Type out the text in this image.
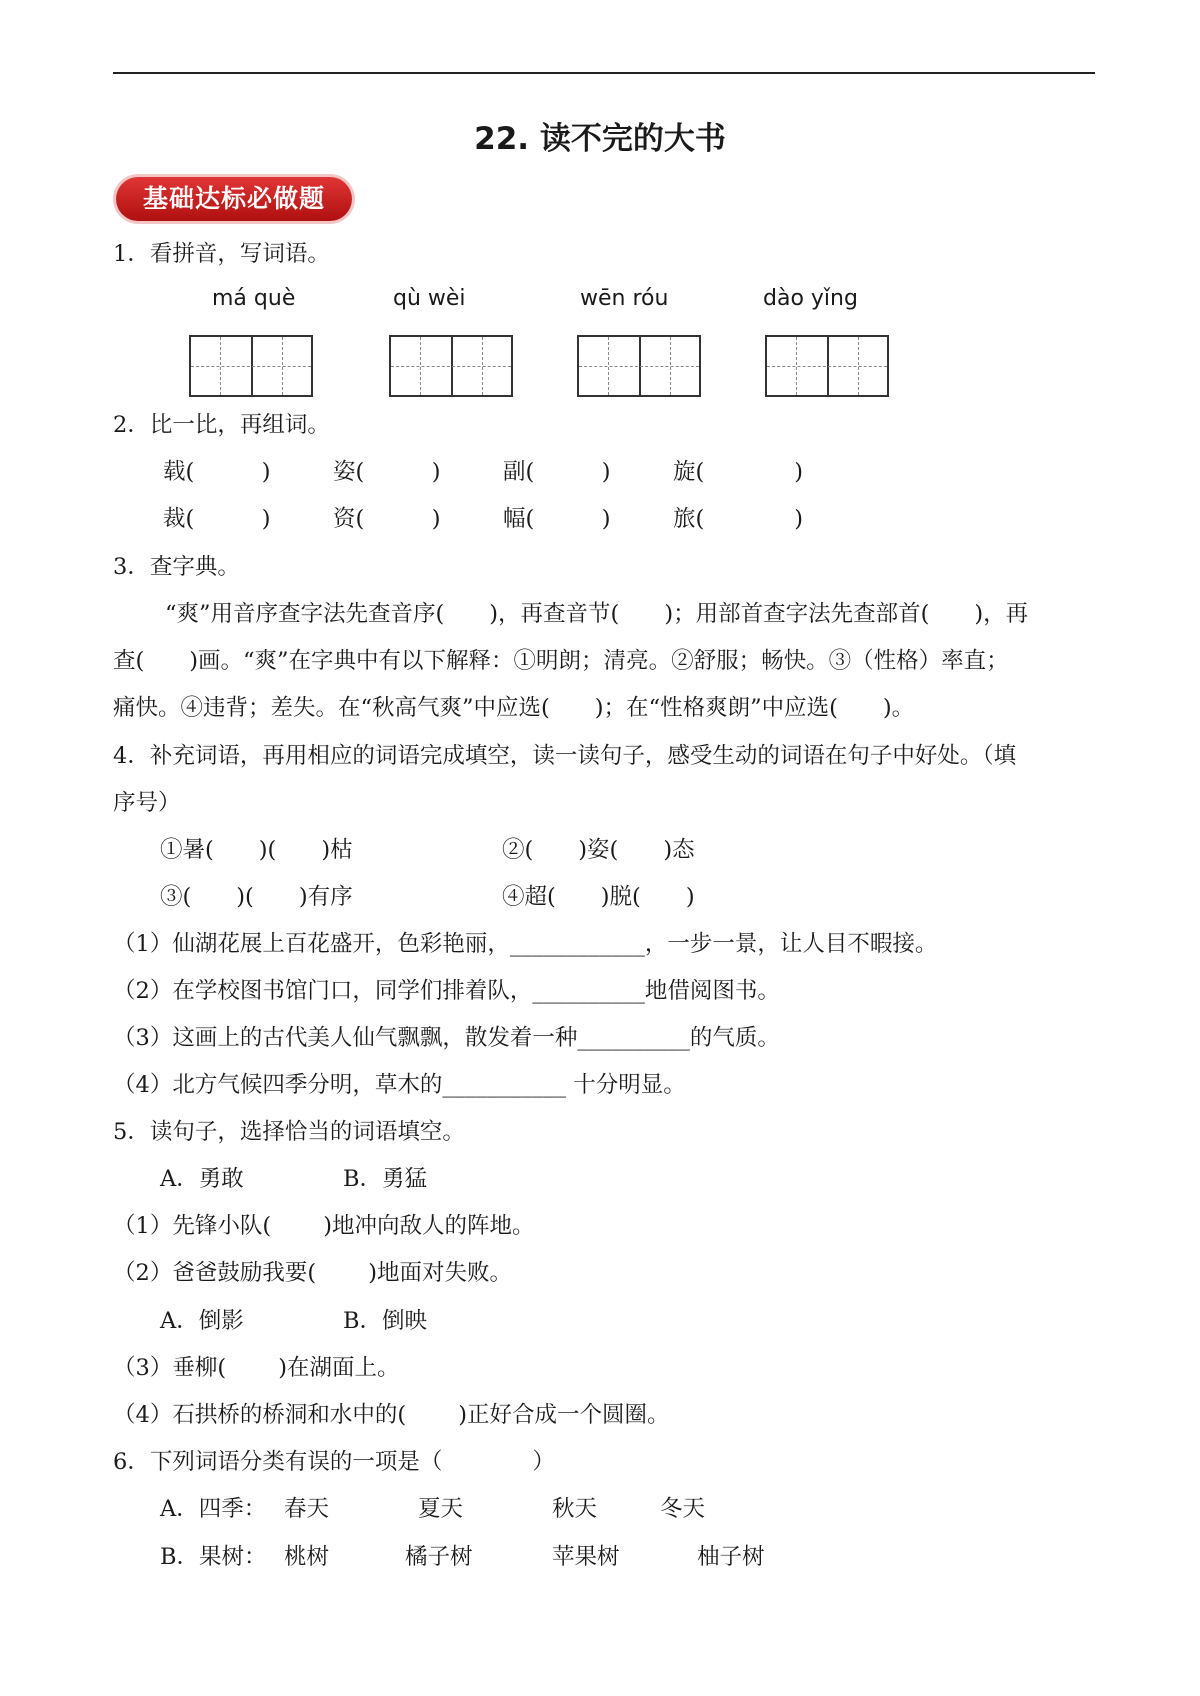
22. 读不完的大书
基础达标必做题
1．看拼音，写词语。
má què	qù wèi	wēn róu	dào yǐng
2．比一比，再组词。
载(　　　)	姿(　　　)	副(　　　)	旋(　　　　)
裁(　　　)	资(　　　)	幅(　　　)	旅(　　　　)
3．查字典。
“爽”用音序查字法先查音序(　　)，再查音节(　　)；用部首查字法先查部首(　　)，再
查(　　)画。“爽”在字典中有以下解释：①明朗；清亮。②舒服；畅快。③（性格）率直；
痛快。④违背；差失。在“秋高气爽”中应选(　　)；在“性格爽朗”中应选(　　)。
4．补充词语，再用相应的词语完成填空，读一读句子，感受生动的词语在句子中好处。（填
序号）
①暑(　　)(　　)枯	②(　　)姿(　　)态
③(　　)(　　)有序	④超(　　)脱(　　)
（1）仙湖花展上百花盛开，色彩艳丽，____________，一步一景，让人目不暇接。
（2）在学校图书馆门口，同学们排着队，__________地借阅图书。
（3）这画上的古代美人仙气飘飘，散发着一种__________的气质。
（4）北方气候四季分明，草木的___________ 十分明显。
5．读句子，选择恰当的词语填空。
A．勇敢	B．勇猛
（1）先锋小队(　　 )地冲向敌人的阵地。
（2）爸爸鼓励我要(　　 )地面对失败。
A．倒影	B．倒映
（3）垂柳(　　 )在湖面上。
（4）石拱桥的桥洞和水中的(　　 )正好合成一个圆圈。
6．下列词语分类有误的一项是（　　　　）
A．四季： 春天	夏天	秋天	冬天
B．果树： 桃树	橘子树	苹果树	柚子树
